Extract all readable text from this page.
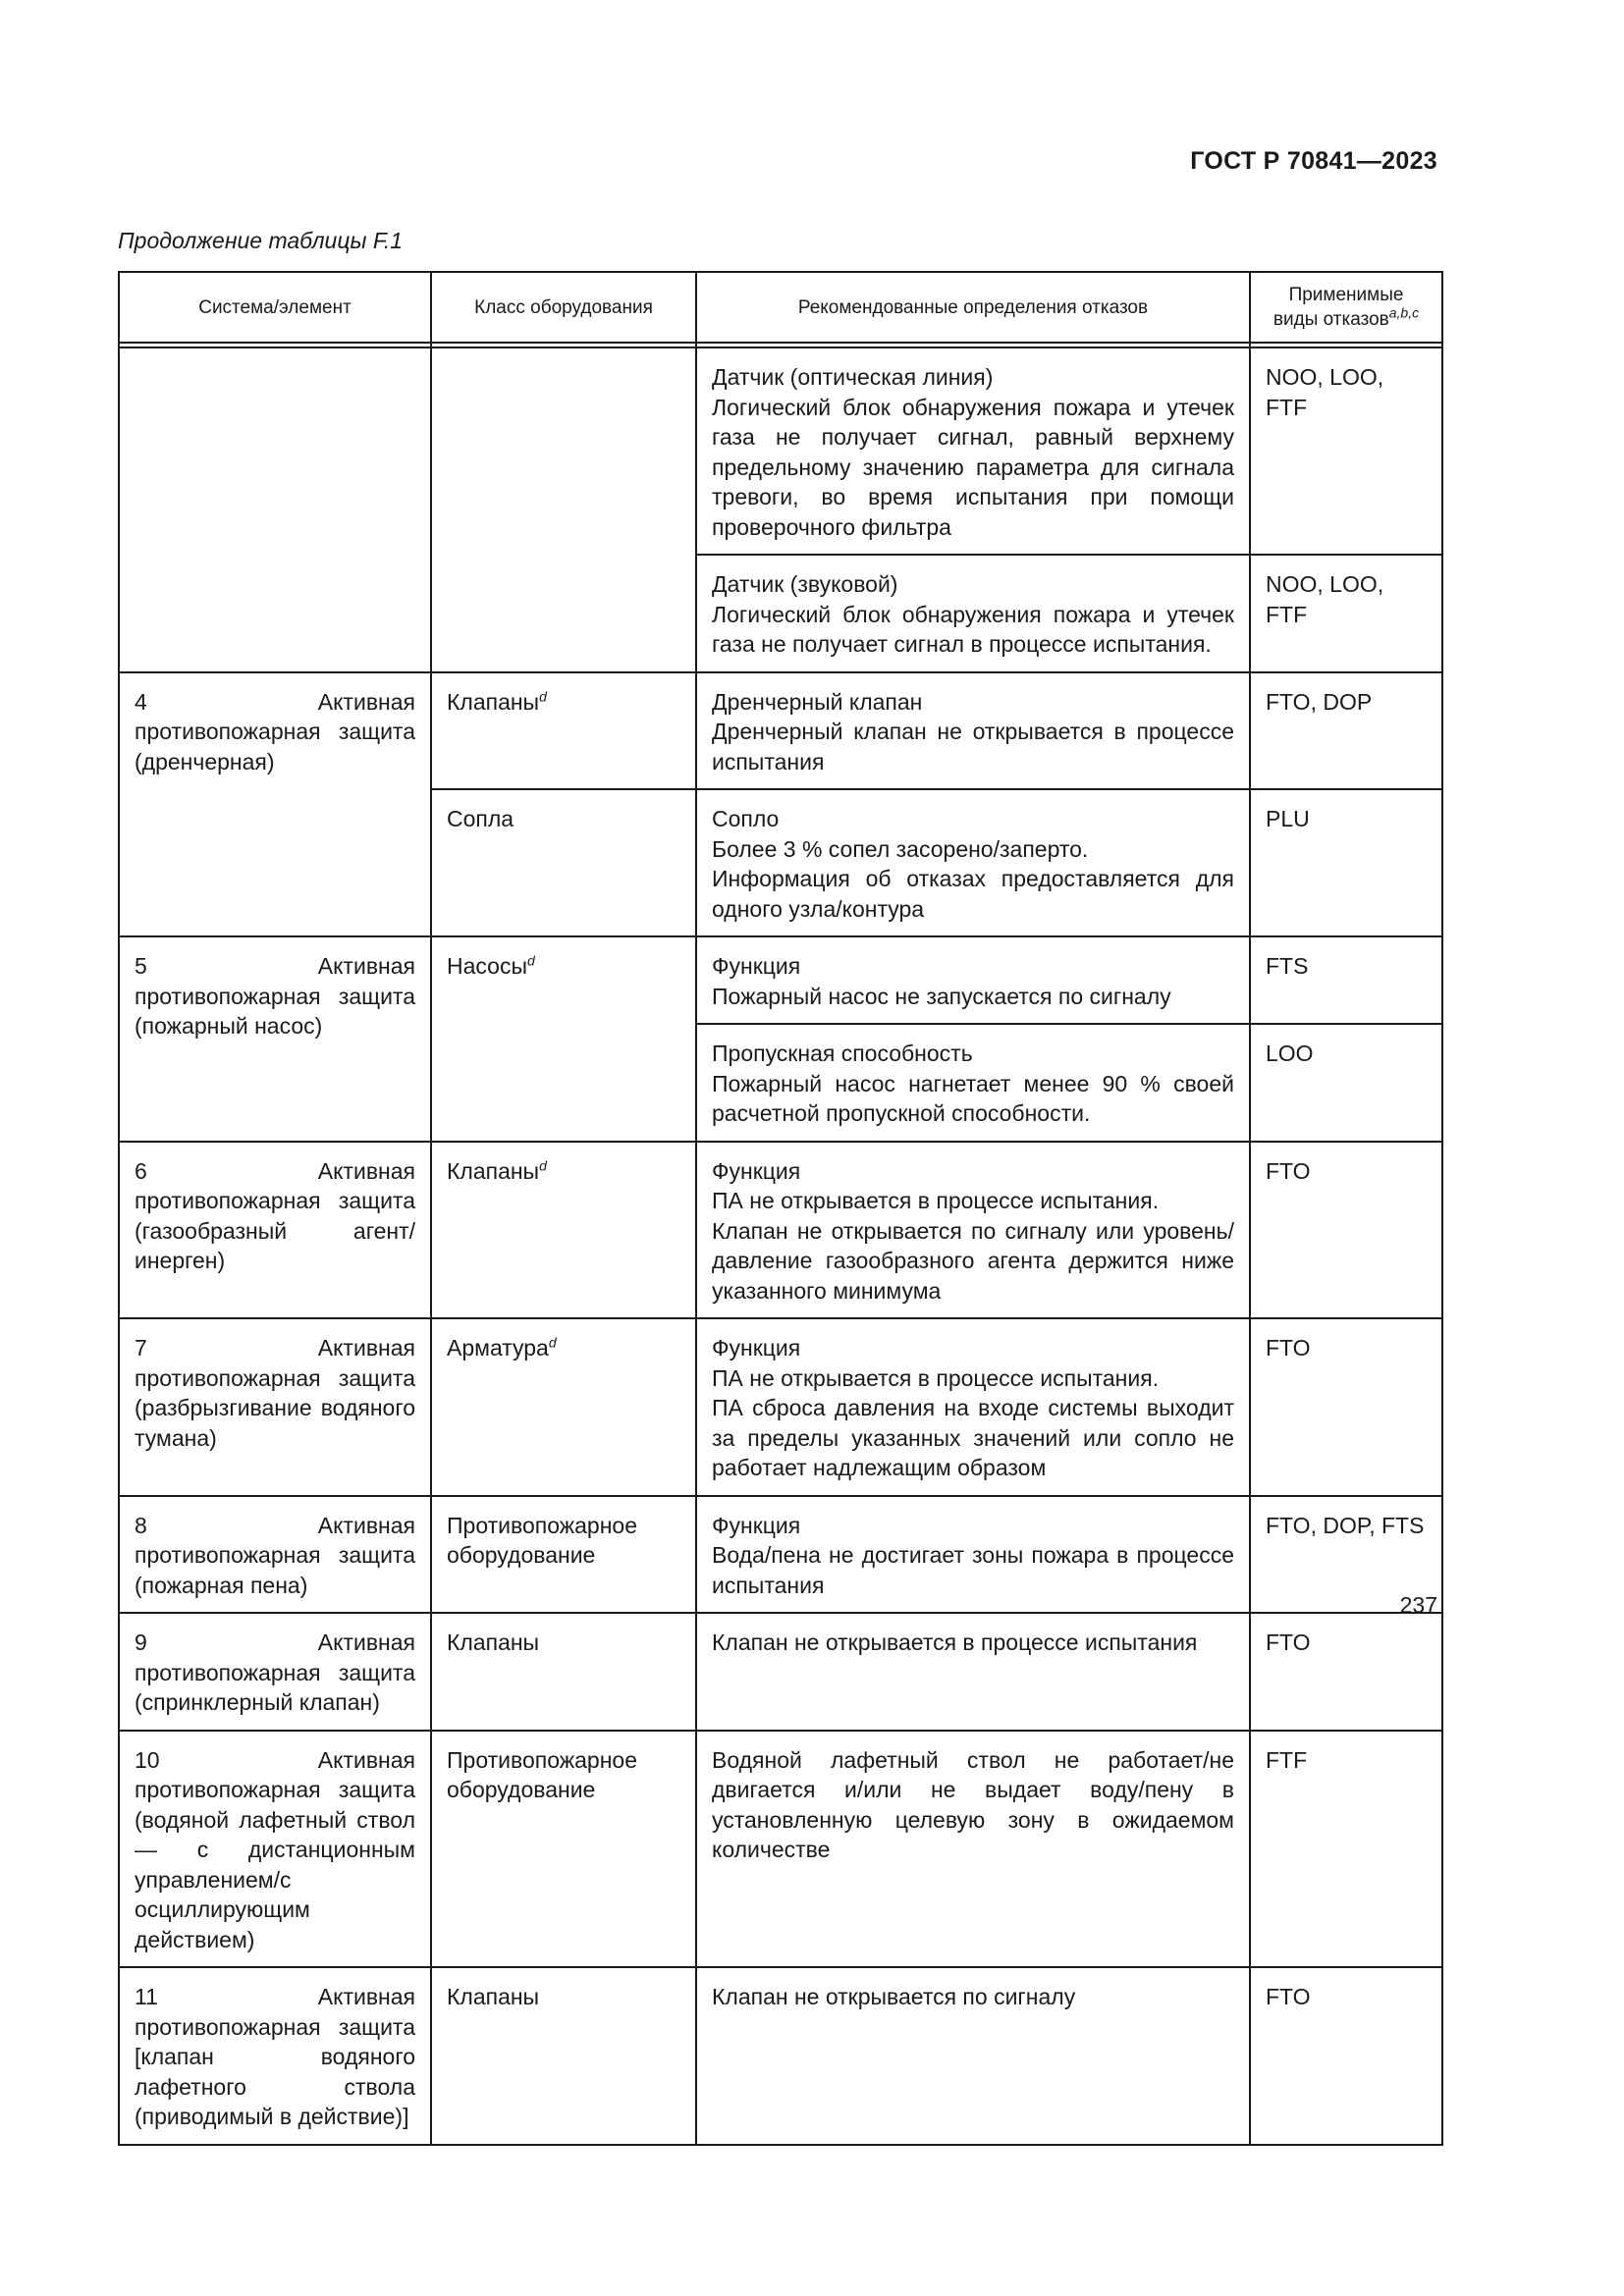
ГОСТ Р 70841—2023
Продолжение таблицы F.1
Система/элемент	Класс оборудования	Рекомендованные определения отказов	Применимые
виды отказов$^{a,b,c}$

		Датчик (оптическая линия)
Логический блок обнаружения пожара и утечек газа не получает сигнал, равный верхнему предельному значению параметра для сигнала тревоги, во время испытания при помощи проверочного фильтра	NOO, LOO, FTF

		Датчик (звуковой)
Логический блок обнаружения пожара и утечек газа не получает сигнал в процессе испытания.	NOO, LOO, FTF
4 Активная противопожарная защита (дренчерная)	Клапаны$^d$	Дренчерный клапан
Дренчерный клапан не открывается в процессе испытания	FTO, DOP
	Сопла	Сопло
Более 3 % сопел засорено/заперто.
Информация об отказах предоставляется для одного узла/контура	PLU
5 Активная противопожарная защита (пожарный насос)	Насосы$^d$	Функция
Пожарный насос не запускается по сигналу	FTS

		Пропускная способность
Пожарный насос нагнетает менее 90 % своей расчетной пропускной способности.	LOO
6 Активная противопожарная защита (газообразный агент/инерген)	Клапаны$^d$	Функция
ПА не открывается в процессе испытания.
Клапан не открывается по сигналу или уровень/давление газообразного агента держится ниже указанного минимума	FTO
7 Активная противопожарная защита (разбрызгивание водяного тумана)	Арматура$^d$	Функция
ПА не открывается в процессе испытания.
ПА сброса давления на входе системы выходит за пределы указанных значений или сопло не работает надлежащим образом	FTO
8 Активная противопожарная защита (пожарная пена)	Противопожарное оборудование	Функция
Вода/пена не достигает зоны пожара в процессе испытания	FTO, DOP, FTS
9 Активная противопожарная защита (спринклерный клапан)	Клапаны	Клапан не открывается в процессе испытания	FTO
10 Активная противопожарная защита (водяной лафетный ствол — с дистанционным управлением/с осциллирующим действием)	Противопожарное оборудование	Водяной лафетный ствол не работает/не двигается и/или не выдает воду/пену в установленную целевую зону в ожидаемом количестве	FTF
11 Активная противопожарная защита [клапан водяного лафетного ствола (приводимый в действие)]	Клапаны	Клапан не открывается по сигналу	FTO
237
